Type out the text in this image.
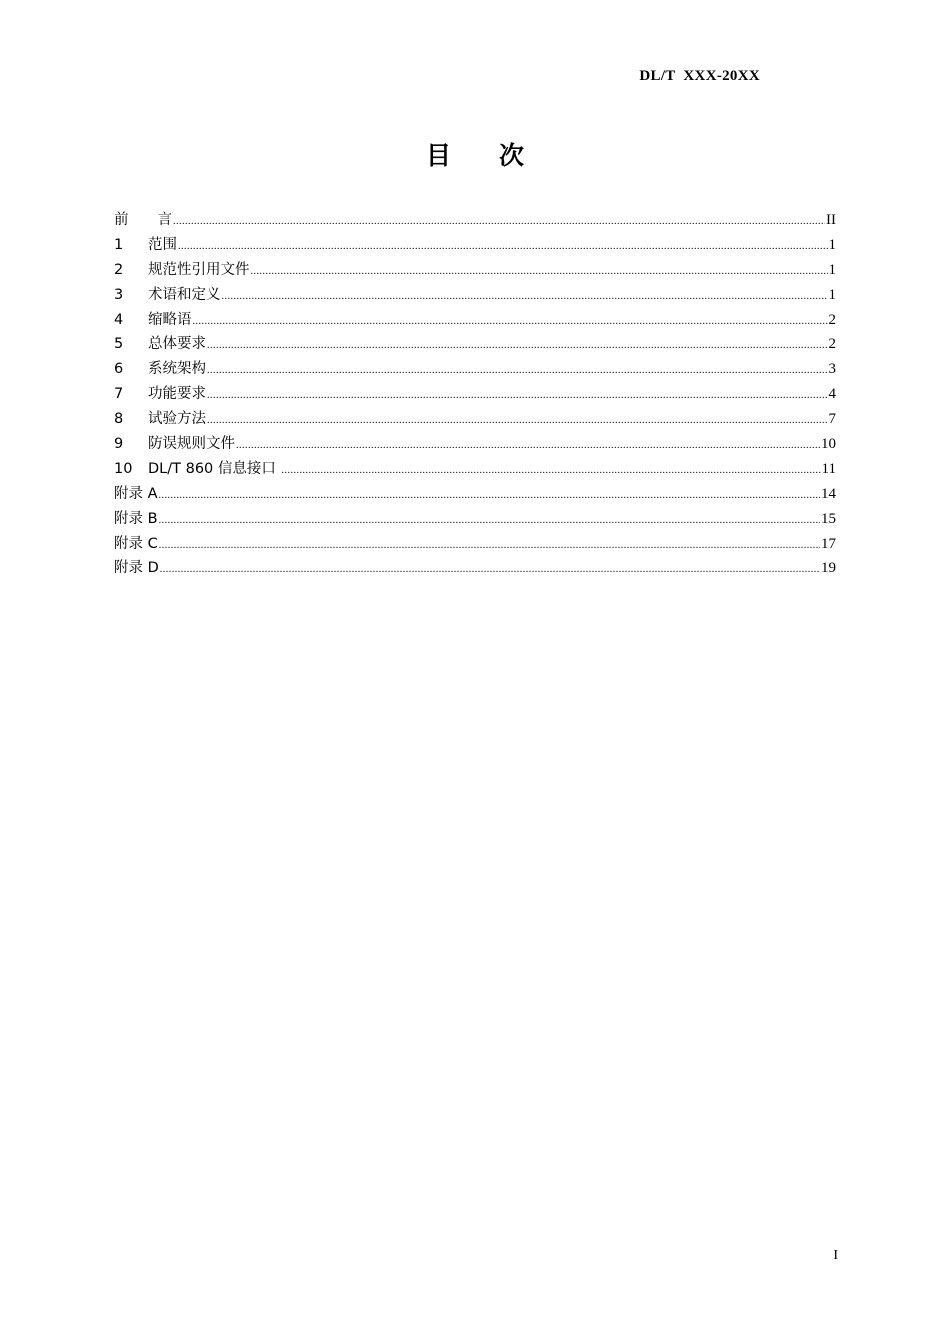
DL/T  XXX-20XX
目次
前　　言 .....	II
1	范围 .....	1
2	规范性引用文件 .....	1
3	术语和定义 .....	1
4	缩略语 .....	2
5	总体要求 .....	2
6	系统架构 .....	3
7	功能要求 .....	4
8	试验方法 .....	7
9	防误规则文件 .....	10
10	DL/T 860 信息接口 .....	11
附录 A .....	14
附录 B .....	15
附录 C .....	17
附录 D .....	19
I
